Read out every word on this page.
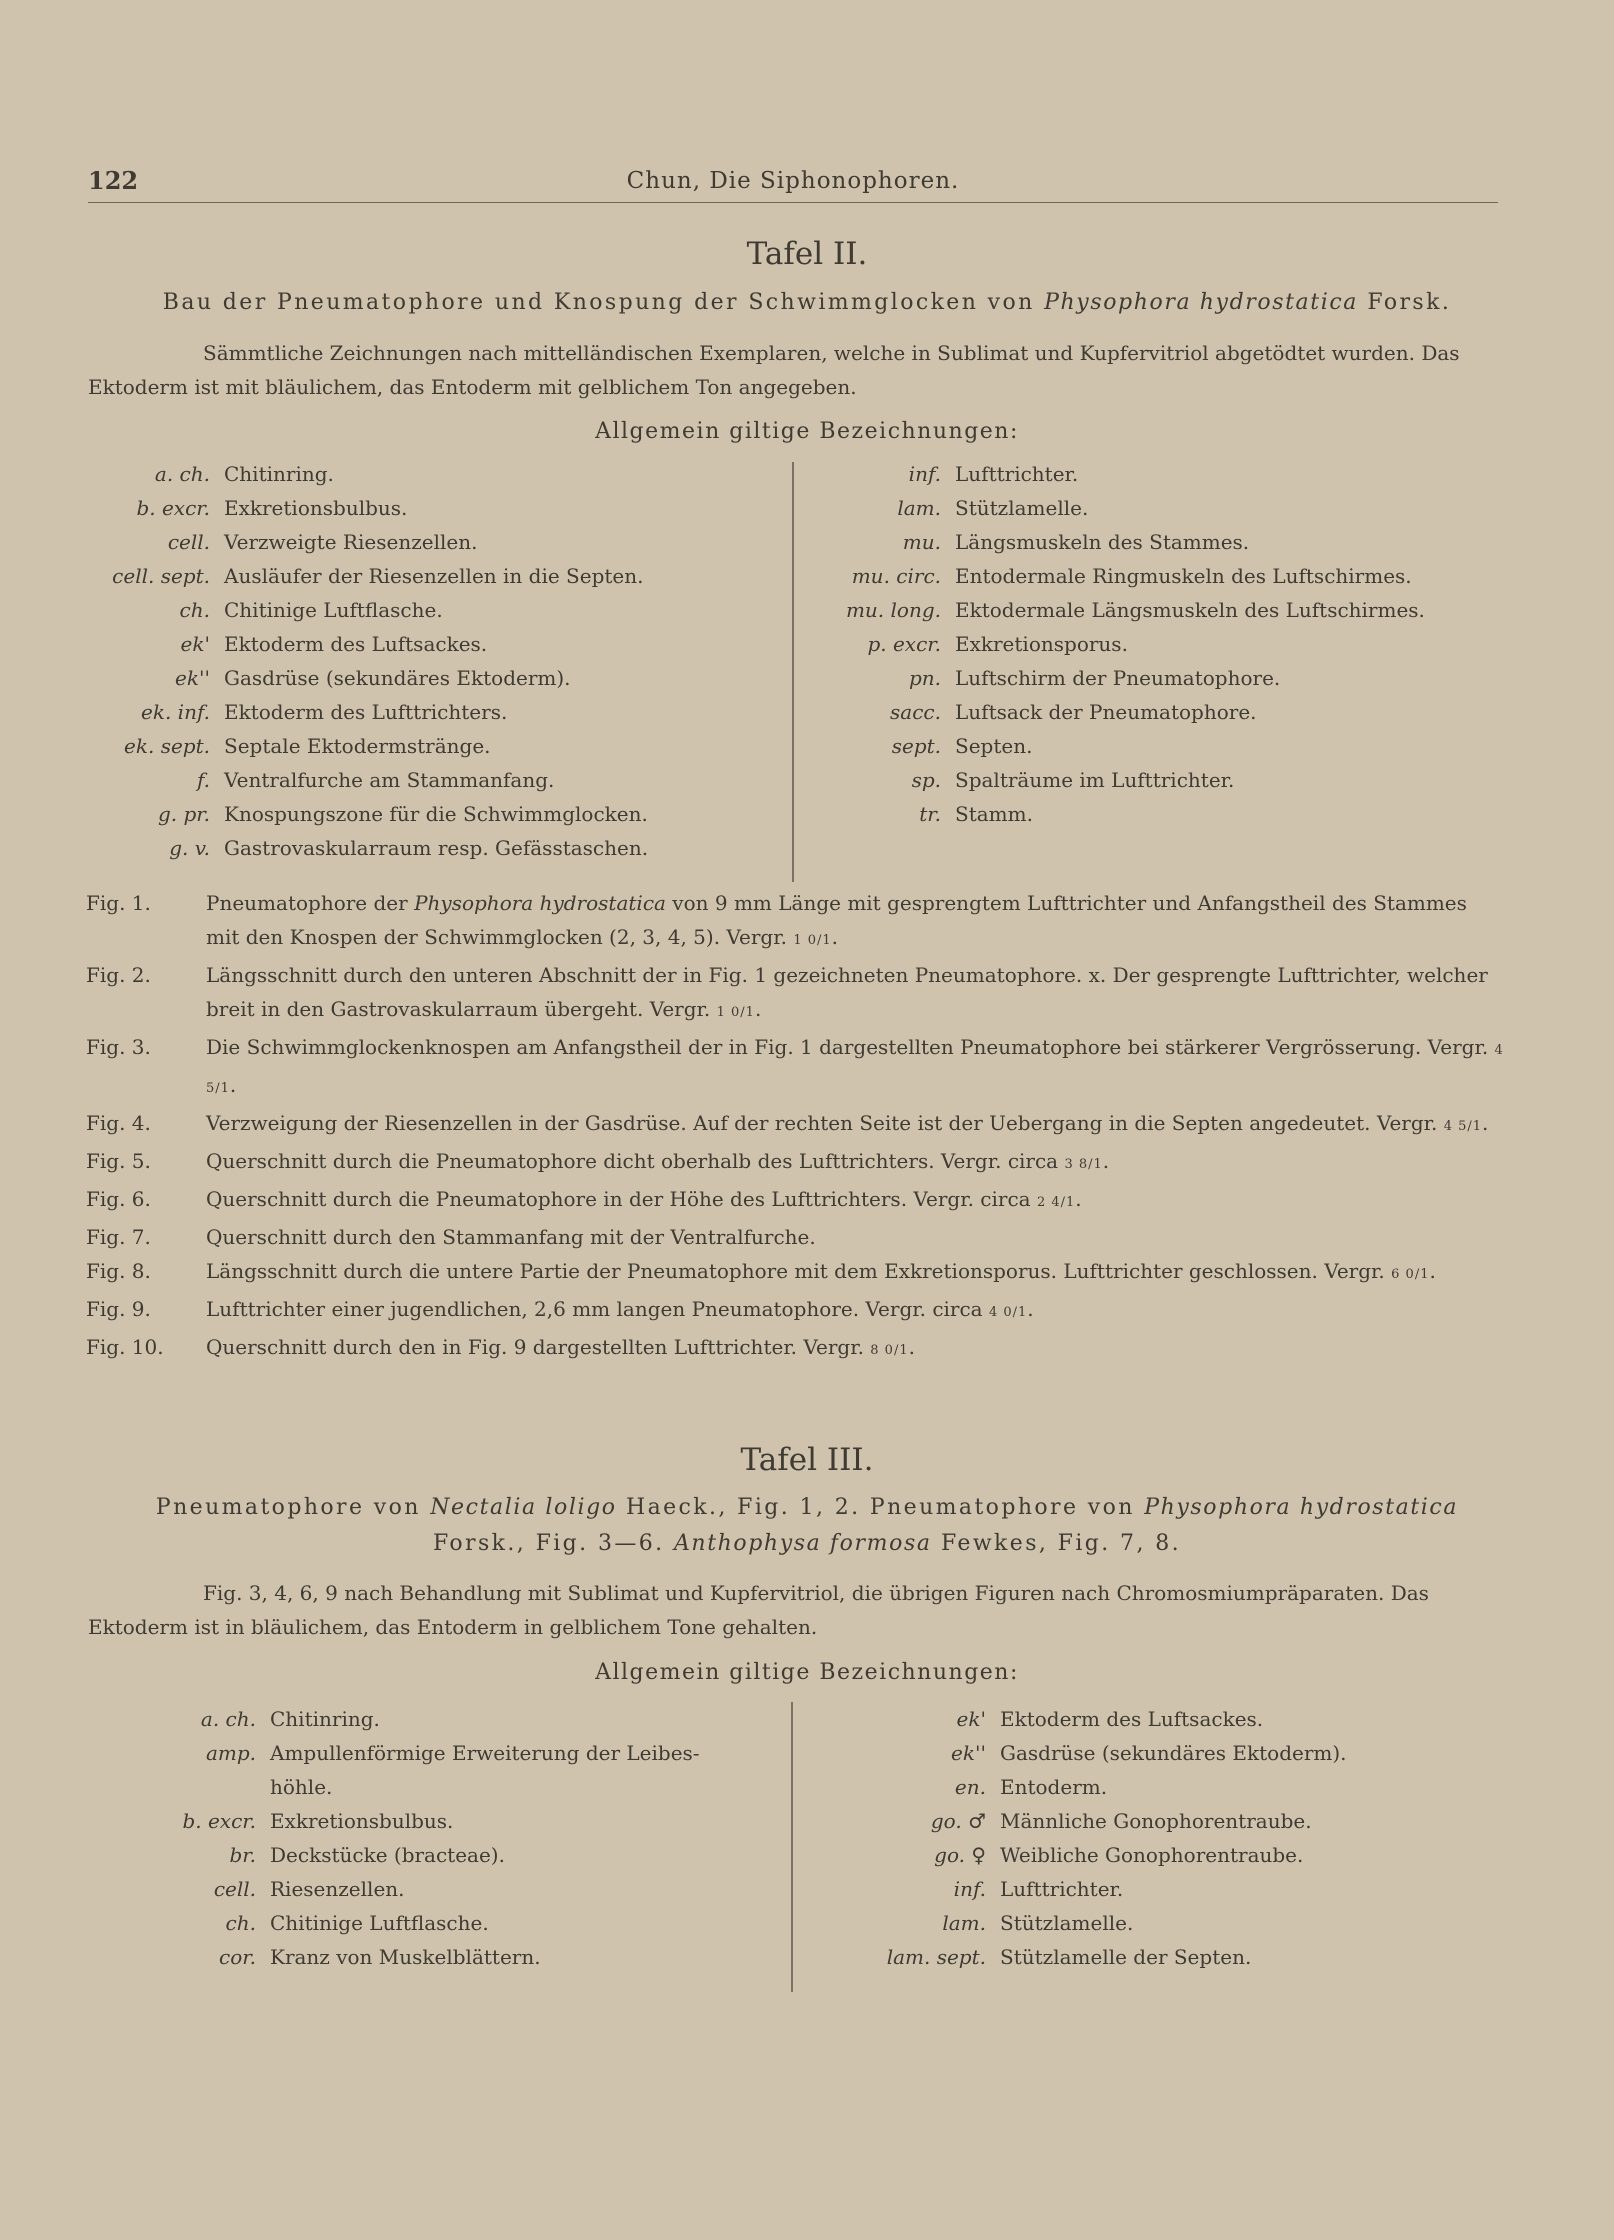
122	Chun, Die Siphonophoren.
Tafel II.
Bau der Pneumatophore und Knospung der Schwimmglocken von Physophora hydrostatica Forsk.
Sämmtliche Zeichnungen nach mittelländischen Exemplaren, welche in Sublimat und Kupfervitriol abgetödtet wurden. Das Ektoderm ist mit bläulichem, das Entoderm mit gelblichem Ton angegeben.
Allgemein giltige Bezeichnungen:
a. ch. Chitinring.
b. excr. Exkretionsbulbus.
cell. Verzweigte Riesenzellen.
cell. sept. Ausläufer der Riesenzellen in die Septen.
ch. Chitinige Luftflasche.
ek' Ektoderm des Luftsackes.
ek'' Gasdrüse (sekundäres Ektoderm).
ek. inf. Ektoderm des Lufttrichters.
ek. sept. Septale Ektodermstränge.
f. Ventralfurche am Stammanfang.
g. pr. Knospungszone für die Schwimmglocken.
g. v. Gastrovaskularraum resp. Gefässtaschen.
inf. Lufttrichter.
lam. Stützlamelle.
mu. Längsmuskeln des Stammes.
mu. circ. Entodermale Ringmuskeln des Luftschirmes.
mu. long. Ektodermale Längsmuskeln des Luftschirmes.
p. excr. Exkretionsporus.
pn. Luftschirm der Pneumatophore.
sacc. Luftsack der Pneumatophore.
sept. Septen.
sp. Spalträume im Lufttrichter.
tr. Stamm.
Fig. 1.	Pneumatophore der Physophora hydrostatica von 9 mm Länge mit gesprengtem Lufttrichter und Anfangstheil des Stammes mit den Knospen der Schwimmglocken (2, 3, 4, 5). Vergr. 1 0/1.
Fig. 2.	Längsschnitt durch den unteren Abschnitt der in Fig. 1 gezeichneten Pneumatophore. x. Der gesprengte Lufttrichter, welcher breit in den Gastrovaskularraum übergeht. Vergr. 1 0/1.
Fig. 3.	Die Schwimmglockenknospen am Anfangstheil der in Fig. 1 dargestellten Pneumatophore bei stärkerer Vergrösserung. Vergr. 4 5/1.
Fig. 4.	Verzweigung der Riesenzellen in der Gasdrüse. Auf der rechten Seite ist der Uebergang in die Septen angedeutet. Vergr. 4 5/1.
Fig. 5.	Querschnitt durch die Pneumatophore dicht oberhalb des Lufttrichters. Vergr. circa 3 8/1.
Fig. 6.	Querschnitt durch die Pneumatophore in der Höhe des Lufttrichters. Vergr. circa 2 4/1.
Fig. 7.	Querschnitt durch den Stammanfang mit der Ventralfurche.
Fig. 8.	Längsschnitt durch die untere Partie der Pneumatophore mit dem Exkretionsporus. Lufttrichter geschlossen. Vergr. 6 0/1.
Fig. 9.	Lufttrichter einer jugendlichen, 2,6 mm langen Pneumatophore. Vergr. circa 4 0/1.
Fig. 10.	Querschnitt durch den in Fig. 9 dargestellten Lufttrichter. Vergr. 8 0/1.
Tafel III.
Pneumatophore von Nectalia loligo Haeck., Fig. 1, 2. Pneumatophore von Physophora hydrostatica
Forsk., Fig. 3—6. Anthophysa formosa Fewkes, Fig. 7, 8.
Fig. 3, 4, 6, 9 nach Behandlung mit Sublimat und Kupfervitriol, die übrigen Figuren nach Chromosmiumpräparaten. Das Ektoderm ist in bläulichem, das Entoderm in gelblichem Tone gehalten.
Allgemein giltige Bezeichnungen:
a. ch. Chitinring.
amp. Ampullenförmige Erweiterung der Leibes-
höhle.
b. excr. Exkretionsbulbus.
br. Deckstücke (bracteae).
cell. Riesenzellen.
ch. Chitinige Luftflasche.
cor. Kranz von Muskelblättern.
ek' Ektoderm des Luftsackes.
ek'' Gasdrüse (sekundäres Ektoderm).
en. Entoderm.
go. ♂ Männliche Gonophorentraube.
go. ♀ Weibliche Gonophorentraube.
inf. Lufttrichter.
lam. Stützlamelle.
lam. sept. Stützlamelle der Septen.
